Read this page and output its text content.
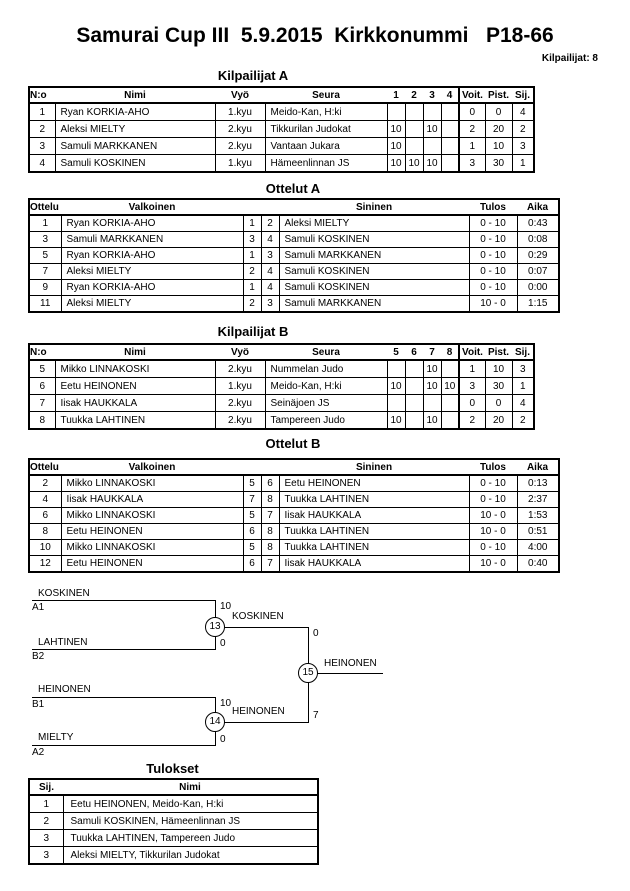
Samurai Cup III  5.9.2015  Kirkkonummi   P18-66
Kilpailijat: 8
Kilpailijat A
N:o	Nimi	Vyö	Seura	1	2	3	4	Voit.	Pist.	Sij.
1	Ryan KORKIA-AHO	1.kyu	Meido-Kan, H:ki					0	0	4
2	Aleksi MIELTY	2.kyu	Tikkurilan Judokat	10		10		2	20	2
3	Samuli MARKKANEN	2.kyu	Vantaan Jukara	10				1	10	3
4	Samuli KOSKINEN	1.kyu	Hämeenlinnan JS	10	10	10		3	30	1
Ottelut A
Ottelu	Valkoinen			Sininen	Tulos	Aika
1	Ryan KORKIA-AHO	1	2	Aleksi MIELTY	0 - 10	0:43
3	Samuli MARKKANEN	3	4	Samuli KOSKINEN	0 - 10	0:08
5	Ryan KORKIA-AHO	1	3	Samuli MARKKANEN	0 - 10	0:29
7	Aleksi MIELTY	2	4	Samuli KOSKINEN	0 - 10	0:07
9	Ryan KORKIA-AHO	1	4	Samuli KOSKINEN	0 - 10	0:00
11	Aleksi MIELTY	2	3	Samuli MARKKANEN	10 - 0	1:15
Kilpailijat B
N:o	Nimi	Vyö	Seura	5	6	7	8	Voit.	Pist.	Sij.
5	Mikko LINNAKOSKI	2.kyu	Nummelan Judo			10		1	10	3
6	Eetu HEINONEN	1.kyu	Meido-Kan, H:ki	10		10	10	3	30	1
7	Iisak HAUKKALA	2.kyu	Seinäjoen JS					0	0	4
8	Tuukka LAHTINEN	2.kyu	Tampereen Judo	10		10		2	20	2
Ottelut B
Ottelu	Valkoinen			Sininen	Tulos	Aika
2	Mikko LINNAKOSKI	5	6	Eetu HEINONEN	0 - 10	0:13
4	Iisak HAUKKALA	7	8	Tuukka LAHTINEN	0 - 10	2:37
6	Mikko LINNAKOSKI	5	7	Iisak HAUKKALA	10 - 0	1:53
8	Eetu HEINONEN	6	8	Tuukka LAHTINEN	10 - 0	0:51
10	Mikko LINNAKOSKI	5	8	Tuukka LAHTINEN	0 - 10	4:00
12	Eetu HEINONEN	6	7	Iisak HAUKKALA	10 - 0	0:40
KOSKINEN
A1	10
LAHTINEN
B2
0
13
KOSKINEN
0
15
HEINONEN
7
HEINONEN
B1	10
14
HEINONEN
MIELTY
A2
0
Tulokset
Sij.	Nimi
1	Eetu HEINONEN, Meido-Kan, H:ki
2	Samuli KOSKINEN, Hämeenlinnan JS
3	Tuukka LAHTINEN, Tampereen Judo
3	Aleksi MIELTY, Tikkurilan Judokat
